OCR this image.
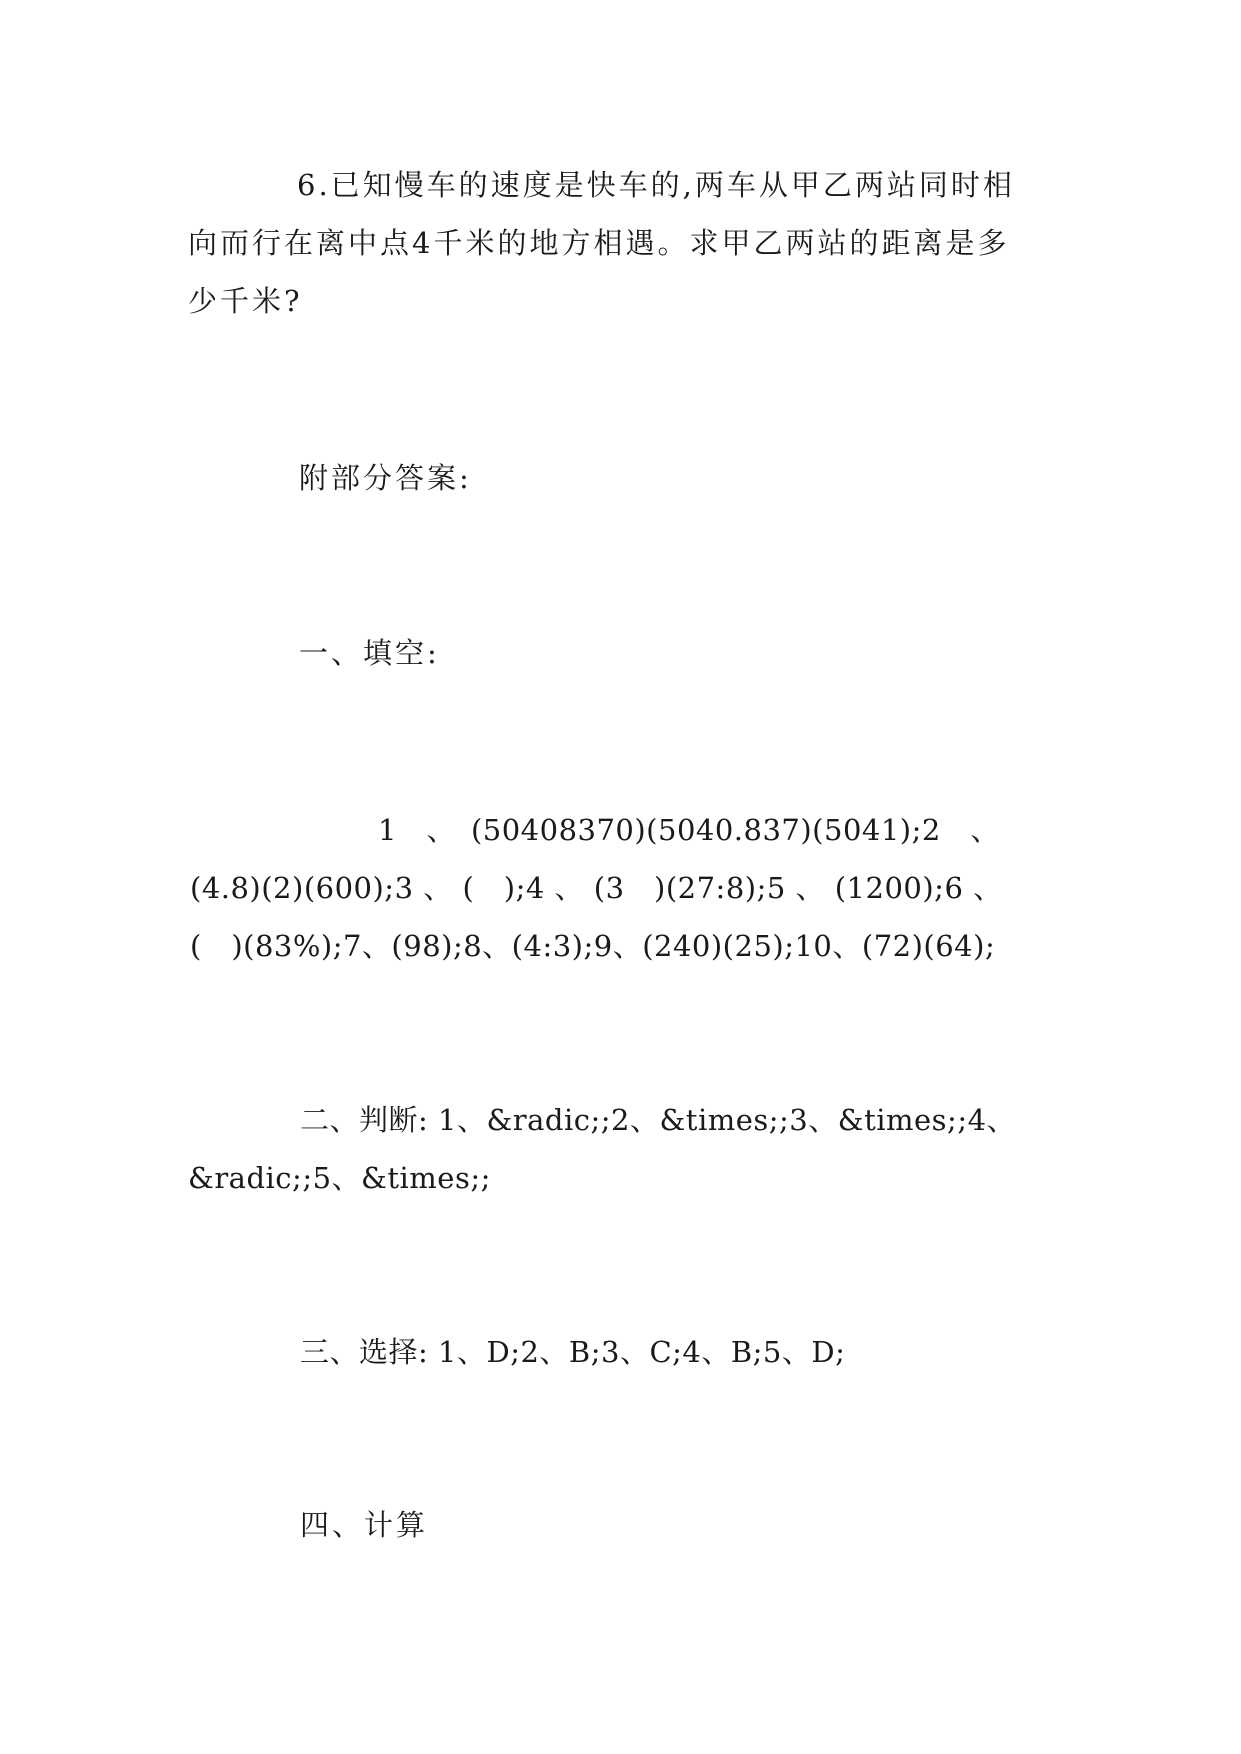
6.已知慢车的速度是快车的,两车从甲乙两站同时相
向而行在离中点4千米的地方相遇。求甲乙两站的距离是多
少千米?
附部分答案:
一、填空:
1　、　(50408370)(5040.837)(5041);2　、
(4.8)(2)(600);3 、 (　);4 、 (3　)(27:8);5 、 (1200);6 、
(　)(83%);7、(98);8、(4:3);9、(240)(25);10、(72)(64);
二、判断: 1、&radic;;2、&times;;3、&times;;4、
&radic;;5、&times;;
三、选择: 1、D;2、B;3、C;4、B;5、D;
四、计算
